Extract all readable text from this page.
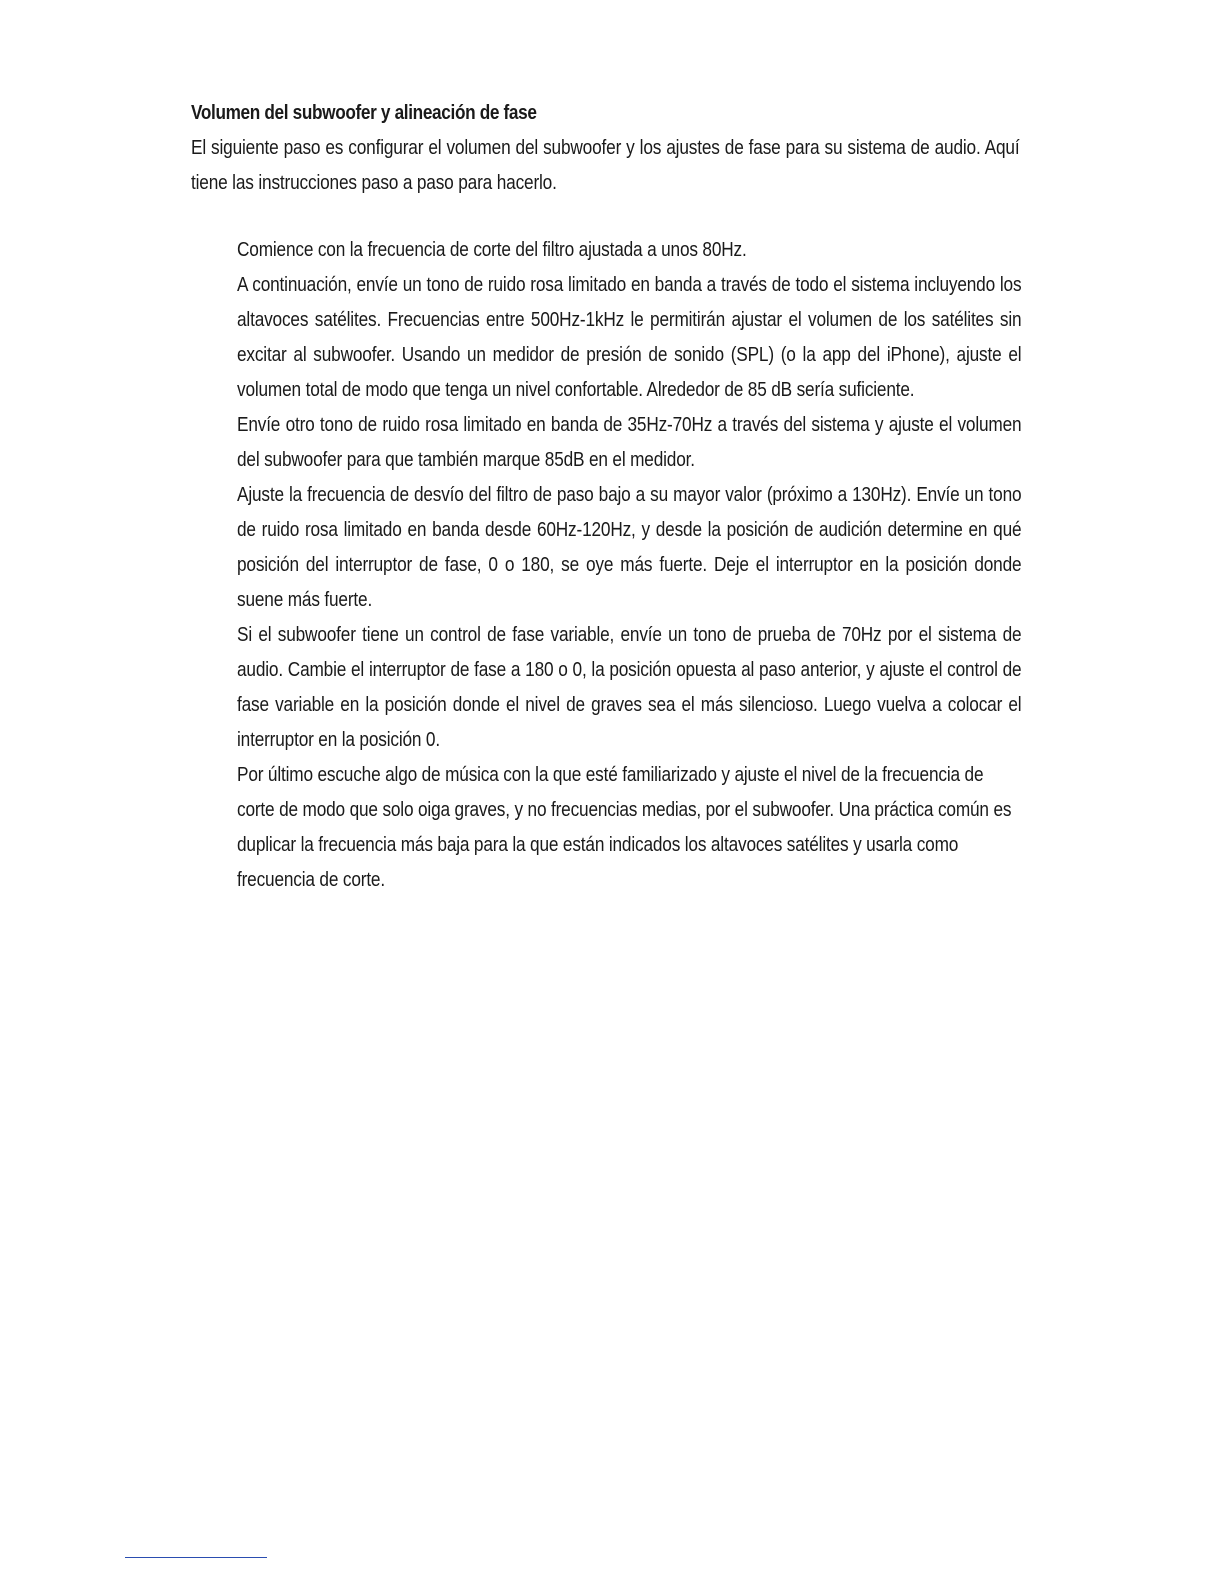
Volumen del subwoofer y alineación de fase

El siguiente paso es configurar el volumen del subwoofer y los ajustes de fase para su sistema de audio. Aquí tiene las instrucciones paso a paso para hacerlo.

Comience con la frecuencia de corte del filtro ajustada a unos 80Hz.
A continuación, envíe un tono de ruido rosa limitado en banda a través de todo el sistema incluyendo los altavoces satélites. Frecuencias entre 500Hz-1kHz le permitirán ajustar el volumen de los satélites sin excitar al subwoofer. Usando un medidor de presión de sonido (SPL) (o la app del iPhone), ajuste el volumen total de modo que tenga un nivel confortable. Alrededor de 85 dB sería suficiente.
Envíe otro tono de ruido rosa limitado en banda de 35Hz-70Hz a través del sistema y ajuste el volumen del subwoofer para que también marque 85dB en el medidor.
Ajuste la frecuencia de desvío del filtro de paso bajo a su mayor valor (próximo a 130Hz). Envíe un tono de ruido rosa limitado en banda desde 60Hz-120Hz, y desde la posición de audición determine en qué posición del interruptor de fase, 0 o 180, se oye más fuerte. Deje el interruptor en la posición donde suene más fuerte.
Si el subwoofer tiene un control de fase variable, envíe un tono de prueba de 70Hz por el sistema de audio. Cambie el interruptor de fase a 180 o 0, la posición opuesta al paso anterior, y ajuste el control de fase variable en la posición donde el nivel de graves sea el más silencioso. Luego vuelva a colocar el interruptor en la posición 0.
Por último escuche algo de música con la que esté familiarizado y ajuste el nivel de la frecuencia de corte de modo que solo oiga graves, y no frecuencias medias, por el subwoofer. Una práctica común es duplicar la frecuencia más baja para la que están indicados los altavoces satélites y usarla como frecuencia de corte.
